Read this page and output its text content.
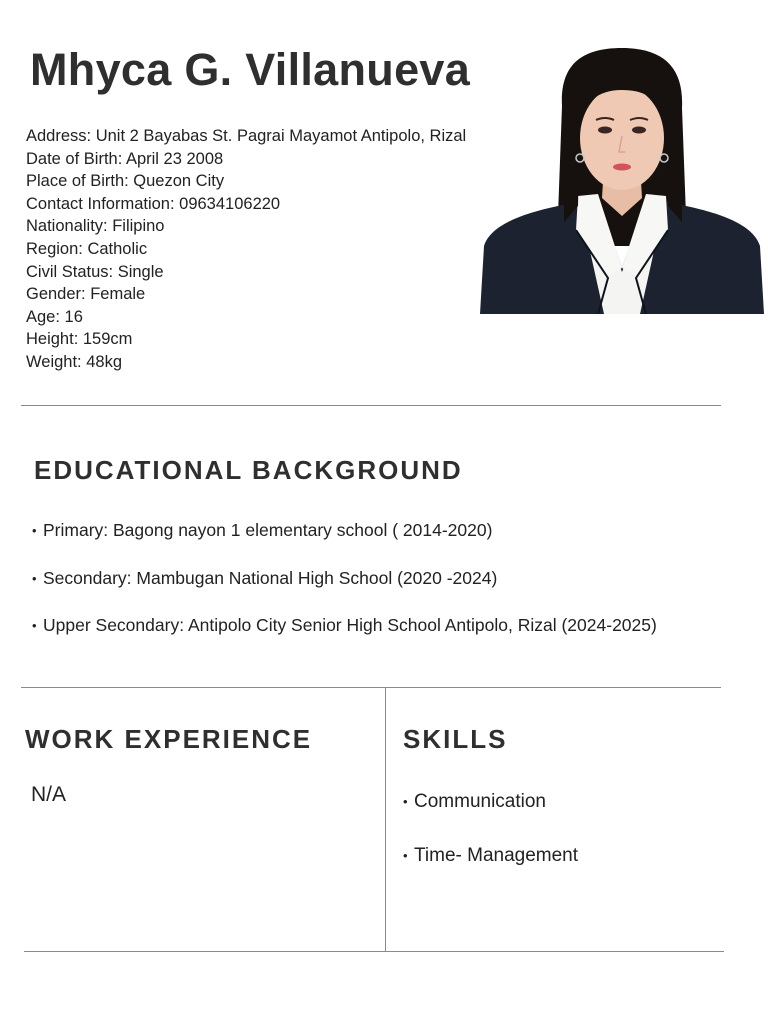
Mhyca G. Villanueva
Address: Unit 2 Bayabas St. Pagrai Mayamot Antipolo, Rizal
Date of Birth: April 23 2008
Place of Birth: Quezon City
Contact Information: 09634106220
Nationality: Filipino
Region: Catholic
Civil Status: Single
Gender: Female
Age: 16
Height: 159cm
Weight: 48kg
EDUCATIONAL BACKGROUND
• Primary: Bagong nayon 1 elementary school ( 2014-2020)
• Secondary: Mambugan National High School (2020 -2024)
• Upper Secondary: Antipolo City Senior High School Antipolo, Rizal (2024-2025)
WORK EXPERIENCE

N/A

SKILLS
• Communication
• Time- Management
